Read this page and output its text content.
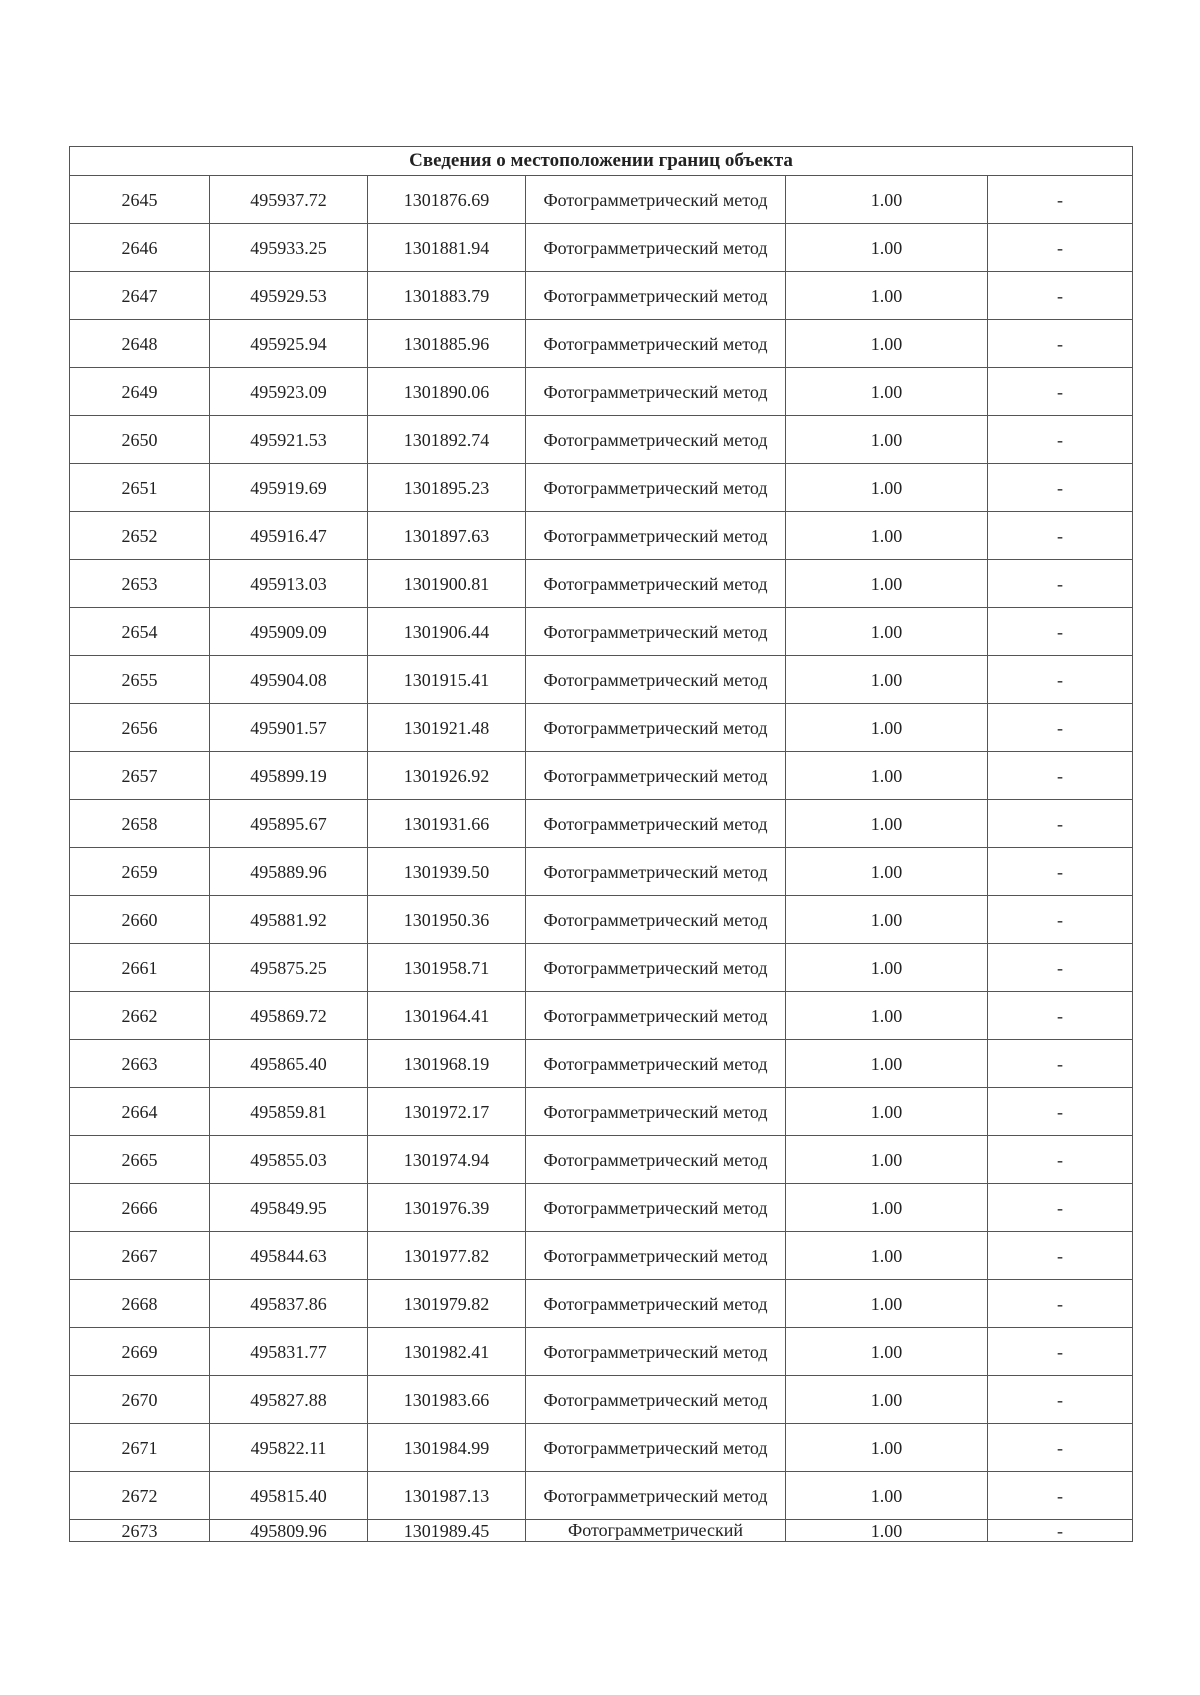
Сведения о местоположении границ объекта					
2645	495937.72	1301876.69	Фотограмметрический метод	1.00	-
2646	495933.25	1301881.94	Фотограмметрический метод	1.00	-
2647	495929.53	1301883.79	Фотограмметрический метод	1.00	-
2648	495925.94	1301885.96	Фотограмметрический метод	1.00	-
2649	495923.09	1301890.06	Фотограмметрический метод	1.00	-
2650	495921.53	1301892.74	Фотограмметрический метод	1.00	-
2651	495919.69	1301895.23	Фотограмметрический метод	1.00	-
2652	495916.47	1301897.63	Фотограмметрический метод	1.00	-
2653	495913.03	1301900.81	Фотограмметрический метод	1.00	-
2654	495909.09	1301906.44	Фотограмметрический метод	1.00	-
2655	495904.08	1301915.41	Фотограмметрический метод	1.00	-
2656	495901.57	1301921.48	Фотограмметрический метод	1.00	-
2657	495899.19	1301926.92	Фотограмметрический метод	1.00	-
2658	495895.67	1301931.66	Фотограмметрический метод	1.00	-
2659	495889.96	1301939.50	Фотограмметрический метод	1.00	-
2660	495881.92	1301950.36	Фотограмметрический метод	1.00	-
2661	495875.25	1301958.71	Фотограмметрический метод	1.00	-
2662	495869.72	1301964.41	Фотограмметрический метод	1.00	-
2663	495865.40	1301968.19	Фотограмметрический метод	1.00	-
2664	495859.81	1301972.17	Фотограмметрический метод	1.00	-
2665	495855.03	1301974.94	Фотограмметрический метод	1.00	-
2666	495849.95	1301976.39	Фотограмметрический метод	1.00	-
2667	495844.63	1301977.82	Фотограмметрический метод	1.00	-
2668	495837.86	1301979.82	Фотограмметрический метод	1.00	-
2669	495831.77	1301982.41	Фотограмметрический метод	1.00	-
2670	495827.88	1301983.66	Фотограмметрический метод	1.00	-
2671	495822.11	1301984.99	Фотограмметрический метод	1.00	-
2672	495815.40	1301987.13	Фотограмметрический метод	1.00	-
2673	495809.96	1301989.45	Фотограмметрический	1.00	-
